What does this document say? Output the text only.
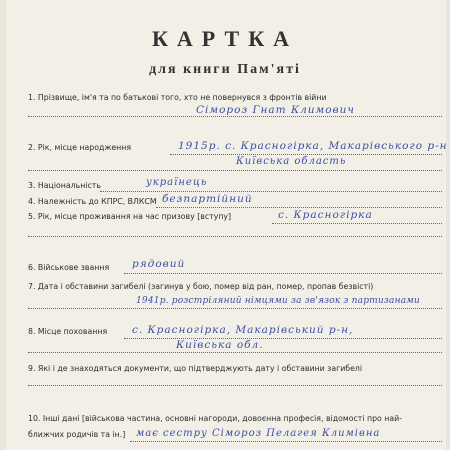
КАРТКА
для книги Пам'яті
1. Прізвище, ім'я та по батькові того, хто не повернувся з фронтів війни
Сімороз Гнат Климович
2. Рік, місце народження	1915р. с. Красногірка, Макарівського р-н
Київська область
3. Національність	українець
4. Належність до КПРС, ВЛКСМ безпартійний
5. Рік, місце проживання на час призову [вступу]	с. Красногірка
6. Військове звання рядовий
7. Дата і обставини загибелі (загинув у бою, помер від ран, помер, пропав безвісті)
1941р. розстріляний німцями за зв'язок з партизанами
8. Місце поховання с. Красногірка, Макарівський р-н,
Київська обл.
9. Які і де знаходяться документи, що підтверджують дату і обставини загибелі
10. Інші дані [військова частина, основні нагороди, довоєнна професія, відомості про най-
ближчих родичів та ін.] має сестру Сімороз Пелагея Климівна
